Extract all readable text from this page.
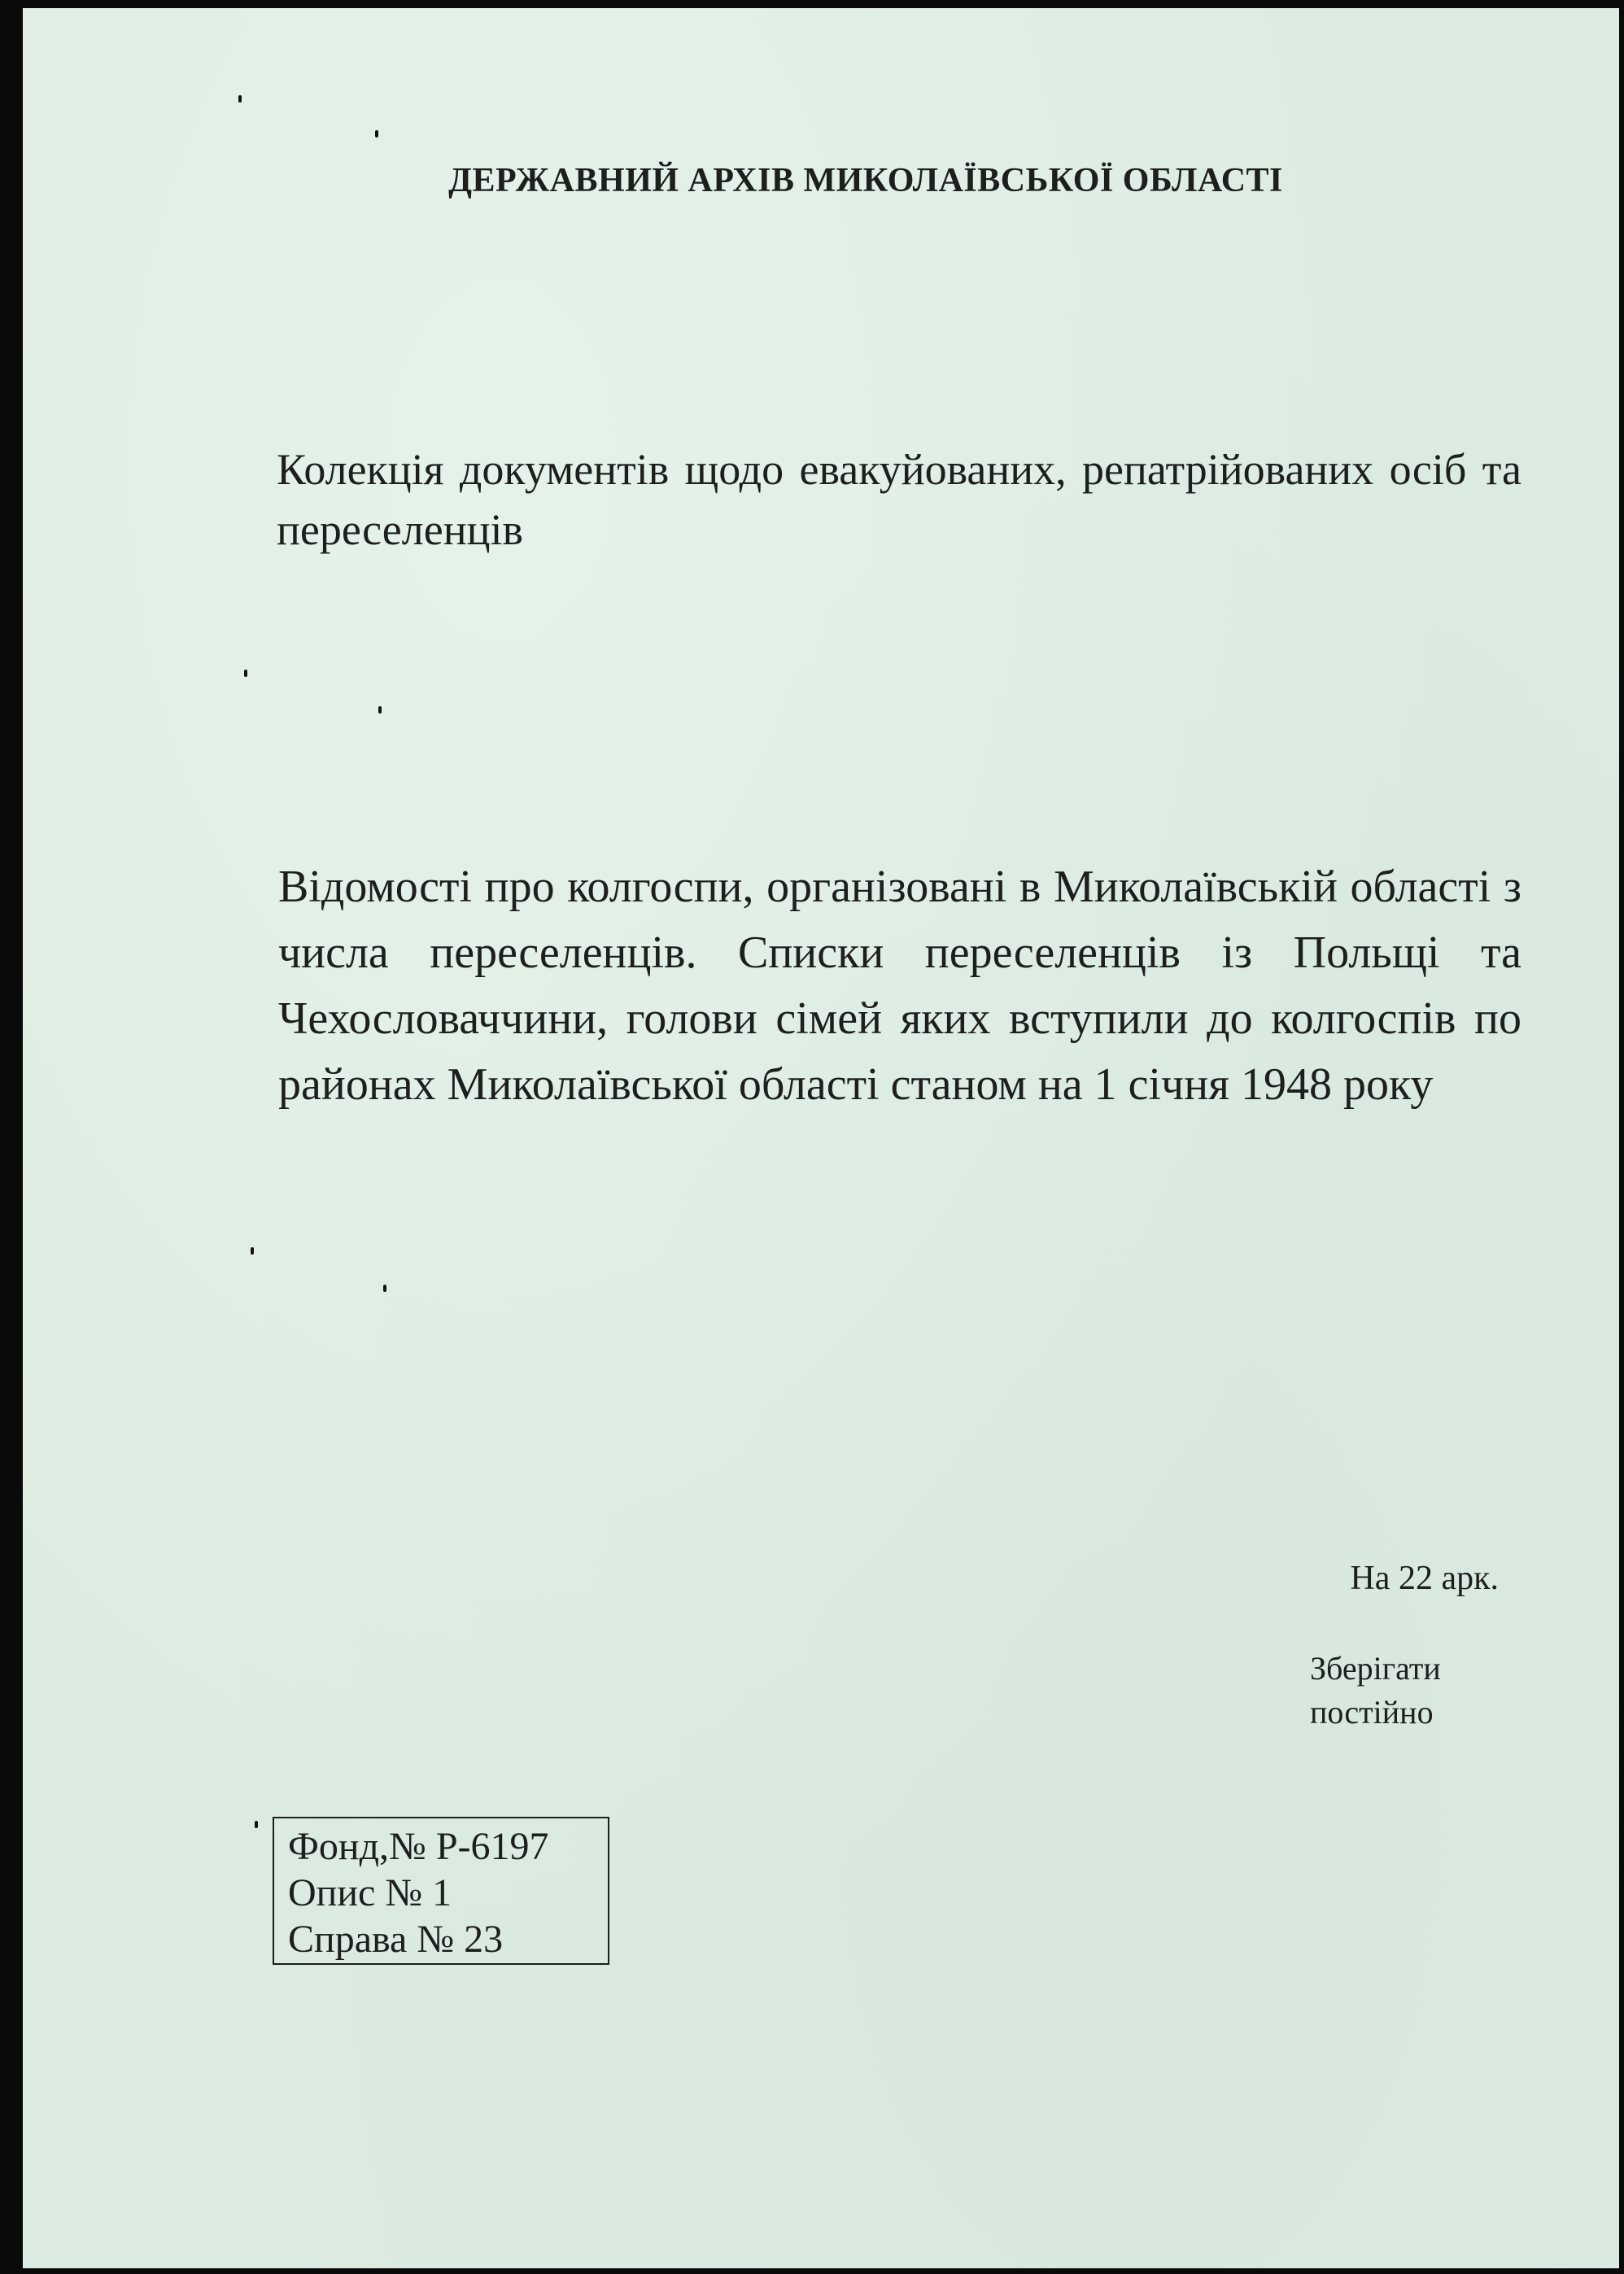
ДЕРЖАВНИЙ АРХІВ МИКОЛАЇВСЬКОЇ ОБЛАСТІ
Колекція документів щодо евакуйованих, репатрійованих осіб та переселенців
Відомості про колгоспи, організовані в Миколаївській області з числа переселенців. Списки переселенців із Польщі та Чехословаччини, голови сімей яких вступили до колгоспів по районах Миколаївської області станом на 1 січня 1948 року
На 22 арк.
Зберігати
постійно
Фонд,№ Р-6197
Опис № 1
Справа № 23
